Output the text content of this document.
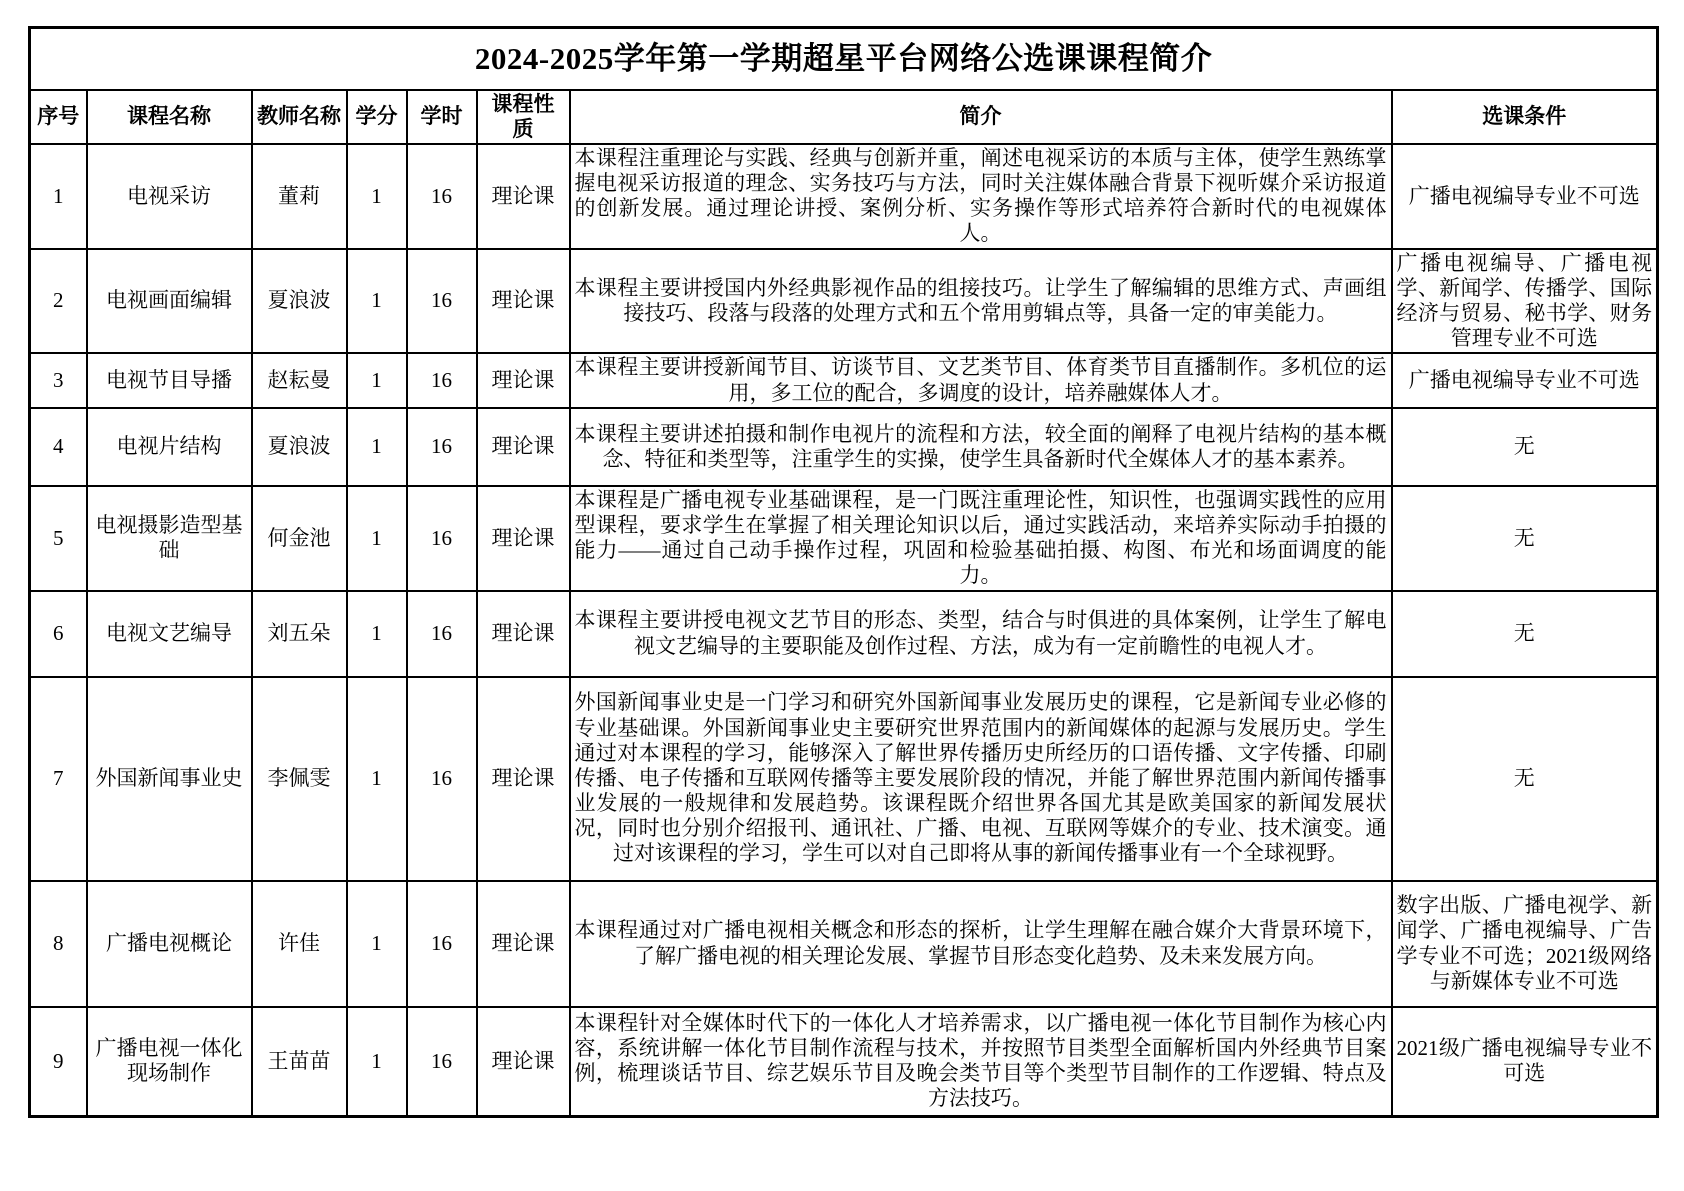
2024-2025学年第一学期超星平台网络公选课课程简介							
序号	课程名称	教师名称	学分	学时	课程性质	简介	选课条件
1	电视采访	董莉	1	16	理论课	本课程注重理论与实践、经典与创新并重，阐述电视采访的本质与主体，使学生熟练掌握电视采访报道的理念、实务技巧与方法，同时关注媒体融合背景下视听媒介采访报道的创新发展。通过理论讲授、案例分析、实务操作等形式培养符合新时代的电视媒体人。	广播电视编导专业不可选
2	电视画面编辑	夏浪波	1	16	理论课	本课程主要讲授国内外经典影视作品的组接技巧。让学生了解编辑的思维方式、声画组接技巧、段落与段落的处理方式和五个常用剪辑点等，具备一定的审美能力。	广播电视编导、广播电视学、新闻学、传播学、国际经济与贸易、秘书学、财务管理专业不可选
3	电视节目导播	赵耘曼	1	16	理论课	本课程主要讲授新闻节目、访谈节目、文艺类节目、体育类节目直播制作。多机位的运用，多工位的配合，多调度的设计，培养融媒体人才。	广播电视编导专业不可选
4	电视片结构	夏浪波	1	16	理论课	本课程主要讲述拍摄和制作电视片的流程和方法，较全面的阐释了电视片结构的基本概念、特征和类型等，注重学生的实操，使学生具备新时代全媒体人才的基本素养。	无
5	电视摄影造型基础	何金池	1	16	理论课	本课程是广播电视专业基础课程，是一门既注重理论性，知识性，也强调实践性的应用型课程，要求学生在掌握了相关理论知识以后，通过实践活动，来培养实际动手拍摄的能力——通过自己动手操作过程，巩固和检验基础拍摄、构图、布光和场面调度的能力。	无
6	电视文艺编导	刘五朵	1	16	理论课	本课程主要讲授电视文艺节目的形态、类型，结合与时俱进的具体案例，让学生了解电视文艺编导的主要职能及创作过程、方法，成为有一定前瞻性的电视人才。	无
7	外国新闻事业史	李佩雯	1	16	理论课	外国新闻事业史是一门学习和研究外国新闻事业发展历史的课程，它是新闻专业必修的专业基础课。外国新闻事业史主要研究世界范围内的新闻媒体的起源与发展历史。学生通过对本课程的学习，能够深入了解世界传播历史所经历的口语传播、文字传播、印刷传播、电子传播和互联网传播等主要发展阶段的情况，并能了解世界范围内新闻传播事业发展的一般规律和发展趋势。该课程既介绍世界各国尤其是欧美国家的新闻发展状况，同时也分别介绍报刊、通讯社、广播、电视、互联网等媒介的专业、技术演变。通过对该课程的学习，学生可以对自己即将从事的新闻传播事业有一个全球视野。	无
8	广播电视概论	许佳	1	16	理论课	本课程通过对广播电视相关概念和形态的探析，让学生理解在融合媒介大背景环境下，了解广播电视的相关理论发展、掌握节目形态变化趋势、及未来发展方向。	数字出版、广播电视学、新闻学、广播电视编导、广告学专业不可选；2021级网络与新媒体专业不可选
9	广播电视一体化现场制作	王苗苗	1	16	理论课	本课程针对全媒体时代下的一体化人才培养需求，以广播电视一体化节目制作为核心内容，系统讲解一体化节目制作流程与技术，并按照节目类型全面解析国内外经典节目案例，梳理谈话节目、综艺娱乐节目及晚会类节目等个类型节目制作的工作逻辑、特点及方法技巧。	2021级广播电视编导专业不可选
